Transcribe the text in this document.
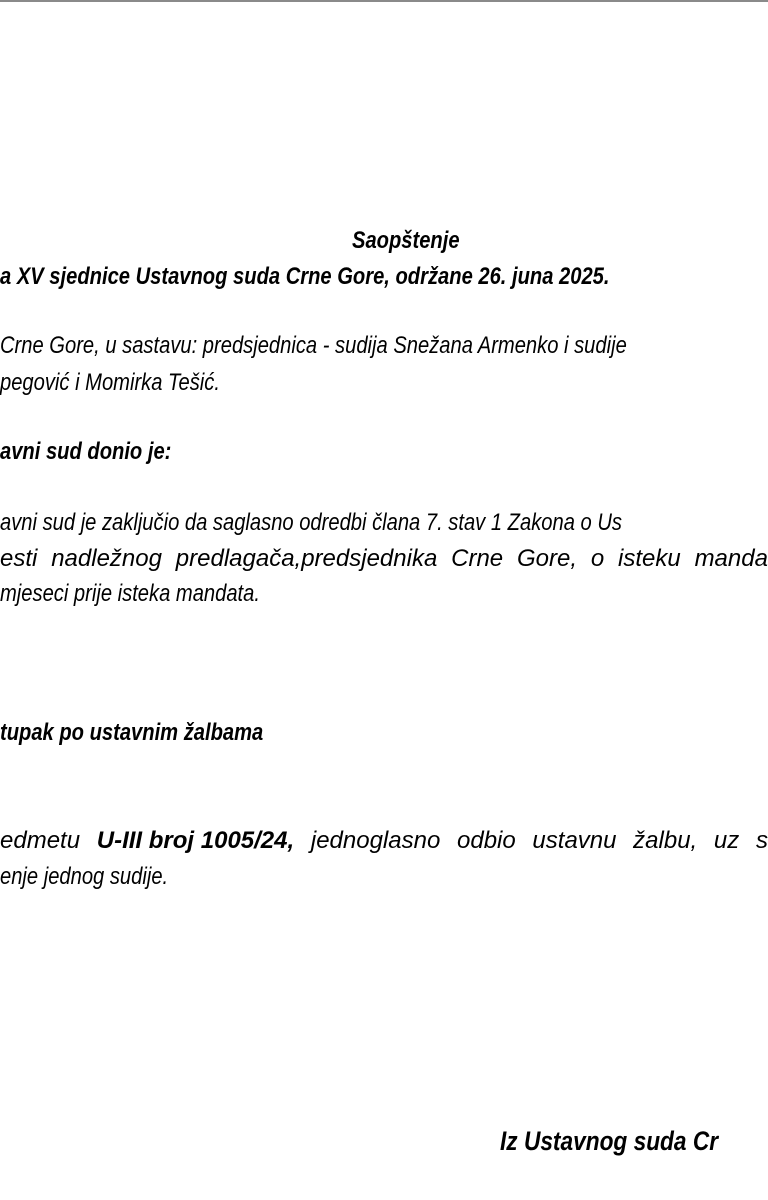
Saopštenje
a XV sjednice Ustavnog suda Crne Gore, održane 26. juna 2025.
Crne Gore, u sastavu: predsjednica - sudija Snežana Armenko i sudije
pegović i Momirka Tešić.
avni sud donio je:
avni sud je zaključio da saglasno odredbi člana 7. stav 1 Zakona o Us
esti nadležnog predlagača,predsjednika Crne Gore, o isteku manda
mjeseci prije isteka mandata.
tupak po ustavnim žalbama
edmetu U-III broj 1005/24, jednoglasno odbio ustavnu žalbu, uz s
enje jednog sudije.
Iz Ustavnog suda Cr
